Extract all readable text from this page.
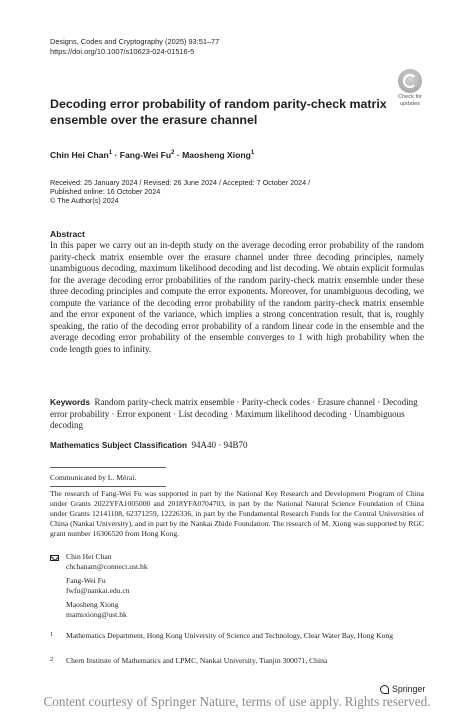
Designs, Codes and Cryptography (2025) 93:51–77
https://doi.org/10.1007/s10623-024-01516-5
Check for
updates
Decoding error probability of random parity-check matrix ensemble over the erasure channel
Chin Hei Chan$^1$ · Fang-Wei $Fu^2$ · Maosheng Xiong$^1$
Received: 25 January 2024 / Revised: 26 June 2024 / Accepted: 7 October 2024 /
Published online: 16 October 2024
© The Author(s) 2024
Abstract
In this paper we carry out an in-depth study on the average decoding error probability of the random parity-check matrix ensemble over the erasure channel under three decoding principles, namely unambiguous decoding, maximum likelihood decoding and list decoding. We obtain explicit formulas for the average decoding error probabilities of the random parity-check matrix ensemble under these three decoding principles and compute the error exponents. Moreover, for unambiguous decoding, we compute the variance of the decoding error probability of the random parity-check matrix ensemble and the error exponent of the variance, which implies a strong concentration result, that is, roughly speaking, the ratio of the decoding error probability of a random linear code in the ensemble and the average decoding error probability of the ensemble converges to 1 with high probability when the code length goes to infinity.
Keywords Random parity-check matrix ensemble · Parity-check codes · Erasure channel · Decoding error probability · Error exponent · List decoding · Maximum likelihood decoding · Unambiguous decoding
Mathematics Subject Classification 94A40 · 94B70
Communicated by L. Mérai.
The research of Fang-Wei Fu was supported in part by the National Key Research and Development Program of China under Grants 2022YFA1005000 and 2018YFA0704703, in part by the National Natural Science Foundation of China under Grants 12141108, 62371259, 12226336, in part by the Fundamental Research Funds for the Central Universities of China (Nankai University), and in part by the Nankai Zhide Foundation. The research of M. Xiong was supported by RGC grant number 16306520 from Hong Kong.
Chin Hei Chan
chchanam@connect.ust.hk
Fang-Wei Fu
fwfu@nankai.edu.cn
Maosheng Xiong
mamsxiong@ust.hk
1 Mathematics Department, Hong Kong University of Science and Technology, Clear Water Bay, Hong Kong
2 Chern Institute of Mathematics and LPMC, Nankai University, Tianjin 300071, China
Springer
Content courtesy of Springer Nature, terms of use apply. Rights reserved.
